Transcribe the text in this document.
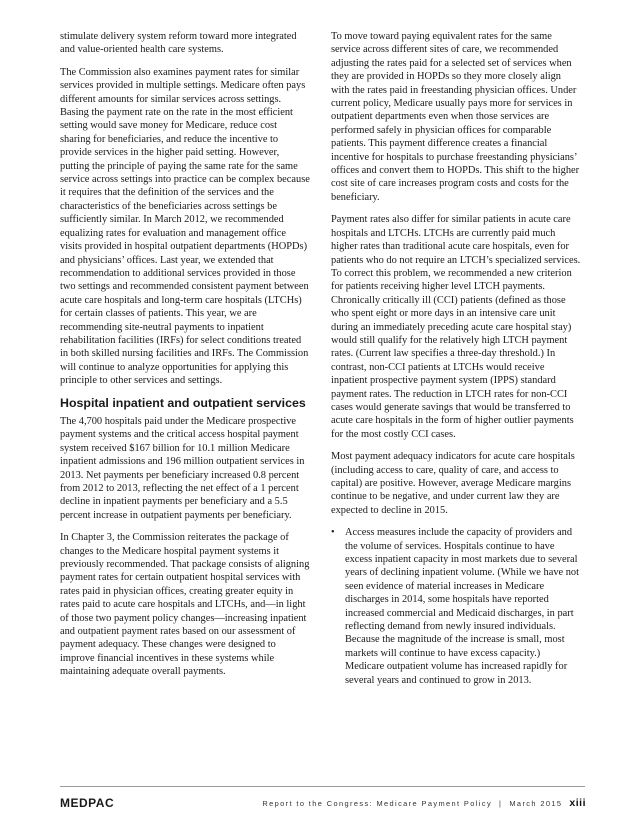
stimulate delivery system reform toward more integrated and value-oriented health care systems.

The Commission also examines payment rates for similar services provided in multiple settings. Medicare often pays different amounts for similar services across settings. Basing the payment rate on the rate in the most efficient setting would save money for Medicare, reduce cost sharing for beneficiaries, and reduce the incentive to provide services in the higher paid setting. However, putting the principle of paying the same rate for the same service across settings into practice can be complex because it requires that the definition of the services and the characteristics of the beneficiaries across settings be sufficiently similar. In March 2012, we recommended equalizing rates for evaluation and management office visits provided in hospital outpatient departments (HOPDs) and physicians’ offices. Last year, we extended that recommendation to additional services provided in those two settings and recommended consistent payment between acute care hospitals and long-term care hospitals (LTCHs) for certain classes of patients. This year, we are recommending site-neutral payments to inpatient rehabilitation facilities (IRFs) for select conditions treated in both skilled nursing facilities and IRFs. The Commission will continue to analyze opportunities for applying this principle to other services and settings.

Hospital inpatient and outpatient services

The 4,700 hospitals paid under the Medicare prospective payment systems and the critical access hospital payment system received $167 billion for 10.1 million Medicare inpatient admissions and 196 million outpatient services in 2013. Net payments per beneficiary increased 0.8 percent from 2012 to 2013, reflecting the net effect of a 1 percent decline in inpatient payments per beneficiary and a 5.5 percent increase in outpatient payments per beneficiary.

In Chapter 3, the Commission reiterates the package of changes to the Medicare hospital payment systems it previously recommended. That package consists of aligning payment rates for certain outpatient hospital services with rates paid in physician offices, creating greater equity in rates paid to acute care hospitals and LTCHs, and—in light of those two payment policy changes—increasing inpatient and outpatient payment rates based on our assessment of payment adequacy. These changes were designed to improve financial incentives in these systems while maintaining adequate overall payments.

To move toward paying equivalent rates for the same service across different sites of care, we recommended adjusting the rates paid for a selected set of services when they are provided in HOPDs so they more closely align with the rates paid in freestanding physician offices. Under current policy, Medicare usually pays more for services in outpatient departments even when those services are performed safely in physician offices for comparable patients. This payment difference creates a financial incentive for hospitals to purchase freestanding physicians’ offices and convert them to HOPDs. This shift to the higher cost site of care increases program costs and costs for the beneficiary.

Payment rates also differ for similar patients in acute care hospitals and LTCHs. LTCHs are currently paid much higher rates than traditional acute care hospitals, even for patients who do not require an LTCH’s specialized services. To correct this problem, we recommended a new criterion for patients receiving higher level LTCH payments. Chronically critically ill (CCI) patients (defined as those who spent eight or more days in an intensive care unit during an immediately preceding acute care hospital stay) would still qualify for the relatively high LTCH payment rates. (Current law specifies a three-day threshold.) In contrast, non-CCI patients at LTCHs would receive inpatient prospective payment system (IPPS) standard payment rates. The reduction in LTCH rates for non-CCI cases would generate savings that would be transferred to acute care hospitals in the form of higher outlier payments for the most costly CCI cases.

Most payment adequacy indicators for acute care hospitals (including access to care, quality of care, and access to capital) are positive. However, average Medicare margins continue to be negative, and under current law they are expected to decline in 2015.

• Access measures include the capacity of providers and the volume of services. Hospitals continue to have excess inpatient capacity in most markets due to several years of declining inpatient volume. (While we have not seen evidence of material increases in Medicare discharges in 2014, some hospitals have reported increased commercial and Medicaid discharges, in part reflecting demand from newly insured individuals. Because the magnitude of the increase is small, most markets will continue to have excess capacity.) Medicare outpatient volume has increased rapidly for several years and continued to grow in 2013.
MEDPAC	Report to the Congress: Medicare Payment Policy | March 2015 xiii
